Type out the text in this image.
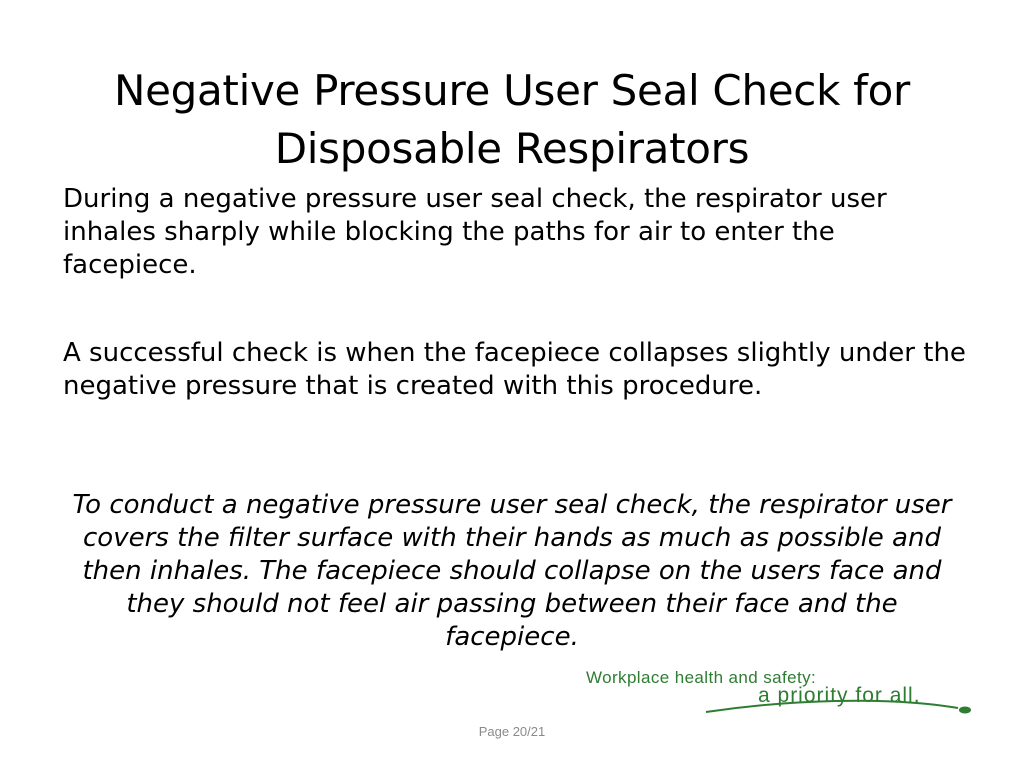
Negative Pressure User Seal Check for Disposable Respirators
During a negative pressure user seal check, the respirator user inhales sharply while blocking the paths for air to enter the facepiece.
A successful check is when the facepiece collapses slightly under the negative pressure that is created with this procedure.
To conduct a negative pressure user seal check, the respirator user covers the filter surface with their hands as much as possible and then inhales. The facepiece should collapse on the users face and they should not feel air passing between their face and the facepiece.
Workplace health and safety:
a priority for all.
Page 20/21
